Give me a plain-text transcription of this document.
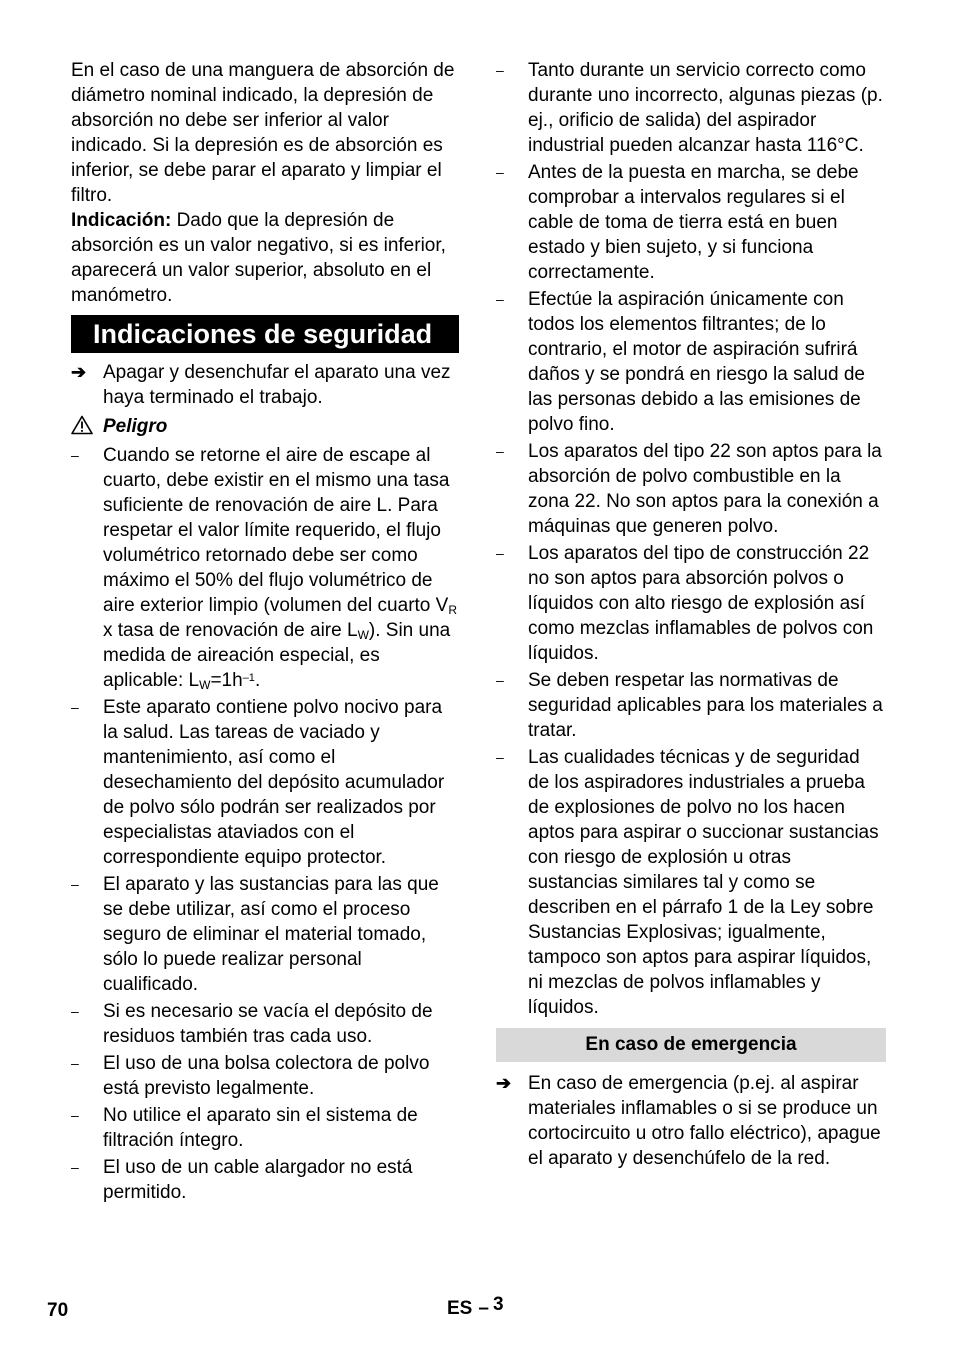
En el caso de una manguera de absorción de diámetro nominal indicado, la depresión de absorción no debe ser inferior al valor indicado. Si la depresión es de absorción es inferior, se debe parar el aparato y limpiar el filtro.

Indicación: Dado que la depresión de absorción es un valor negativo, si es inferior, aparecerá un valor superior, absoluto en el manómetro.

Indicaciones de seguridad
➔ Apagar y desenchufar el aparato una vez haya terminado el trabajo.
Peligro
–	Cuando se retorne el aire de escape al cuarto, debe existir en el mismo una tasa suficiente de renovación de aire L. Para respetar el valor límite requerido, el flujo volumétrico retornado debe ser como máximo el 50% del flujo volumétrico de aire exterior limpio (volumen del cuarto $V_R$ x tasa de renovación de aire $L_W$). Sin una medida de aireación especial, es aplicable: $L_W=1h^{-1}$.
–	Este aparato contiene polvo nocivo para la salud. Las tareas de vaciado y mantenimiento, así como el desechamiento del depósito acumulador de polvo sólo podrán ser realizados por especialistas ataviados con el correspondiente equipo protector.
–	El aparato y las sustancias para las que se debe utilizar, así como el proceso seguro de eliminar el material tomado, sólo lo puede realizar personal cualificado.
–	Si es necesario se vacía el depósito de residuos también tras cada uso.
–	El uso de una bolsa colectora de polvo está previsto legalmente.
–	No utilice el aparato sin el sistema de filtración íntegro.
–	El uso de un cable alargador no está permitido.
–	Tanto durante un servicio correcto como durante uno incorrecto, algunas piezas (p. ej., orificio de salida) del aspirador industrial pueden alcanzar hasta 116°C.
–	Antes de la puesta en marcha, se debe comprobar a intervalos regulares si el cable de toma de tierra está en buen estado y bien sujeto, y si funciona correctamente.
–	Efectúe la aspiración únicamente con todos los elementos filtrantes; de lo contrario, el motor de aspiración sufrirá daños y se pondrá en riesgo la salud de las personas debido a las emisiones de polvo fino.
–	Los aparatos del tipo 22 son aptos para la absorción de polvo combustible en la zona 22. No son aptos para la conexión a máquinas que generen polvo.
–	Los aparatos del tipo de construcción 22 no son aptos para absorción polvos o líquidos con alto riesgo de explosión así como mezclas inflamables de polvos con líquidos.
–	Se deben respetar las normativas de seguridad aplicables para los materiales a tratar.
–	Las cualidades técnicas y de seguridad de los aspiradores industriales a prueba de explosiones de polvo no los hacen aptos para aspirar o succionar sustancias con riesgo de explosión u otras sustancias similares tal y como se describen en el párrafo 1 de la Ley sobre Sustancias Explosivas; igualmente, tampoco son aptos para aspirar líquidos, ni mezclas de polvos inflamables y líquidos.
En caso de emergencia
➔ En caso de emergencia (p.ej. al aspirar materiales inflamables o si se produce un cortocircuito u otro fallo eléctrico), apague el aparato y desenchúfelo de la red.
70	ES – 3
